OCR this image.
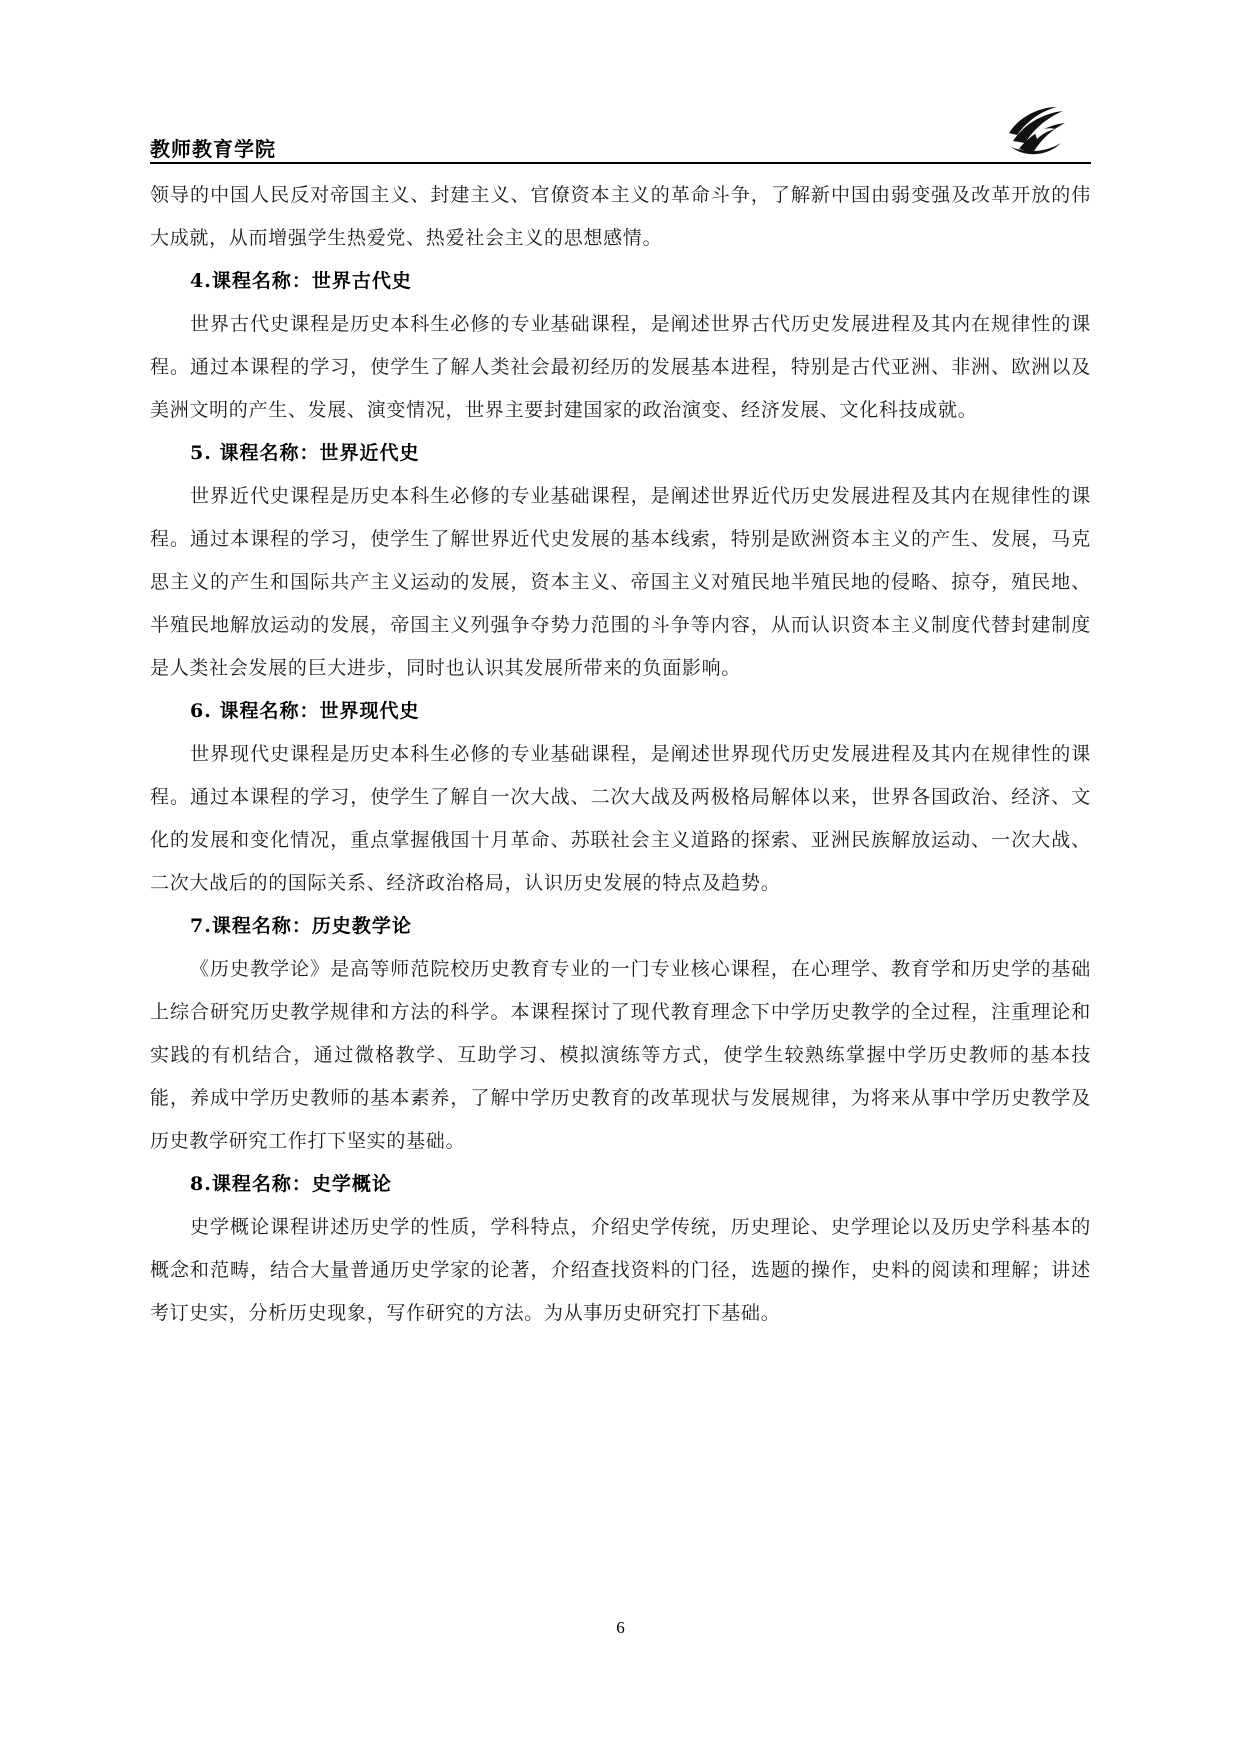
教师教育学院

领导的中国人民反对帝国主义、封建主义、官僚资本主义的革命斗争，了解新中国由弱变强及改革开放的伟大成就，从而增强学生热爱党、热爱社会主义的思想感情。

4.课程名称：世界古代史

世界古代史课程是历史本科生必修的专业基础课程，是阐述世界古代历史发展进程及其内在规律性的课程。通过本课程的学习，使学生了解人类社会最初经历的发展基本进程，特别是古代亚洲、非洲、欧洲以及美洲文明的产生、发展、演变情况，世界主要封建国家的政治演变、经济发展、文化科技成就。

5. 课程名称：世界近代史

世界近代史课程是历史本科生必修的专业基础课程，是阐述世界近代历史发展进程及其内在规律性的课程。通过本课程的学习，使学生了解世界近代史发展的基本线索，特别是欧洲资本主义的产生、发展，马克思主义的产生和国际共产主义运动的发展，资本主义、帝国主义对殖民地半殖民地的侵略、掠夺，殖民地、半殖民地解放运动的发展，帝国主义列强争夺势力范围的斗争等内容，从而认识资本主义制度代替封建制度是人类社会发展的巨大进步，同时也认识其发展所带来的负面影响。

6. 课程名称：世界现代史

世界现代史课程是历史本科生必修的专业基础课程，是阐述世界现代历史发展进程及其内在规律性的课程。通过本课程的学习，使学生了解自一次大战、二次大战及两极格局解体以来，世界各国政治、经济、文化的发展和变化情况，重点掌握俄国十月革命、苏联社会主义道路的探索、亚洲民族解放运动、一次大战、二次大战后的的国际关系、经济政治格局，认识历史发展的特点及趋势。

7.课程名称：历史教学论

《历史教学论》是高等师范院校历史教育专业的一门专业核心课程，在心理学、教育学和历史学的基础上综合研究历史教学规律和方法的科学。本课程探讨了现代教育理念下中学历史教学的全过程，注重理论和实践的有机结合，通过微格教学、互助学习、模拟演练等方式，使学生较熟练掌握中学历史教师的基本技能，养成中学历史教师的基本素养，了解中学历史教育的改革现状与发展规律，为将来从事中学历史教学及历史教学研究工作打下坚实的基础。

8.课程名称：史学概论

史学概论课程讲述历史学的性质，学科特点，介绍史学传统，历史理论、史学理论以及历史学科基本的概念和范畴，结合大量普通历史学家的论著，介绍查找资料的门径，选题的操作，史料的阅读和理解；讲述考订史实，分析历史现象，写作研究的方法。为从事历史研究打下基础。

6
